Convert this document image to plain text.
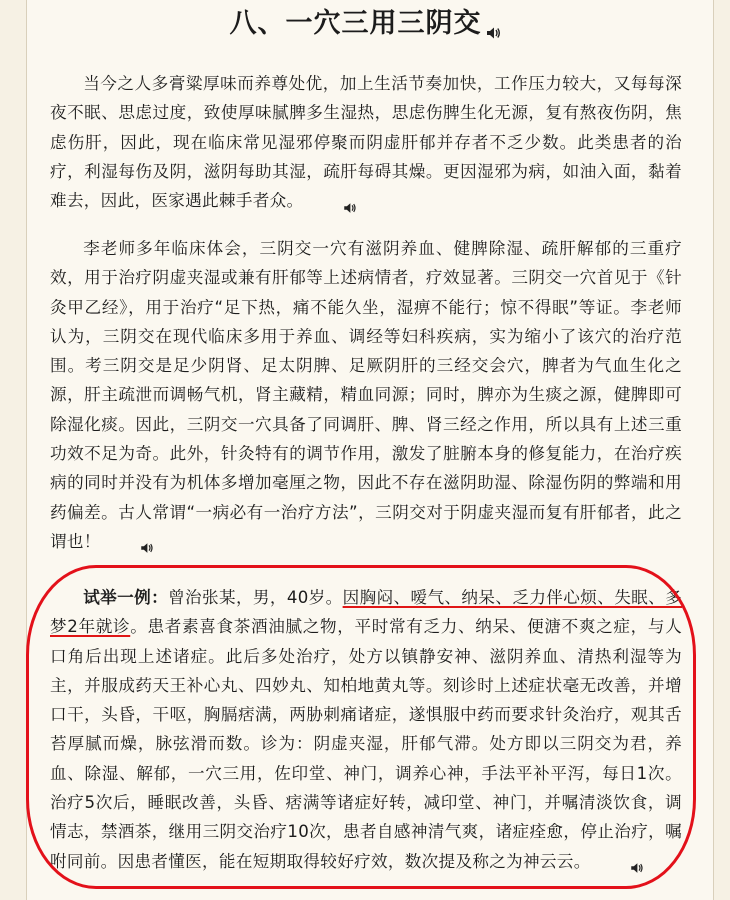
八、一穴三用三阴交

当今之人多膏粱厚味而养尊处优，加上生活节奏加快，工作压力较大，又每每深夜不眠、思虑过度，致使厚味腻脾多生湿热，思虑伤脾生化无源，复有熬夜伤阴，焦虑伤肝，因此，现在临床常见湿邪停聚而阴虚肝郁并存者不乏少数。此类患者的治疗，利湿每伤及阴，滋阴每助其湿，疏肝每碍其燥。更因湿邪为病，如油入面，黏着难去，因此，医家遇此棘手者众。

李老师多年临床体会，三阴交一穴有滋阴养血、健脾除湿、疏肝解郁的三重疗效，用于治疗阴虚夹湿或兼有肝郁等上述病情者，疗效显著。三阴交一穴首见于《针灸甲乙经》，用于治疗“足下热，痛不能久坐，湿痹不能行；惊不得眠”等证。李老师认为，三阴交在现代临床多用于养血、调经等妇科疾病，实为缩小了该穴的治疗范围。考三阴交是足少阴肾、足太阴脾、足厥阴肝的三经交会穴，脾者为气血生化之源，肝主疏泄而调畅气机，肾主藏精，精血同源；同时，脾亦为生痰之源，健脾即可除湿化痰。因此，三阴交一穴具备了同调肝、脾、肾三经之作用，所以具有上述三重功效不足为奇。此外，针灸特有的调节作用，激发了脏腑本身的修复能力，在治疗疾病的同时并没有为机体多增加毫厘之物，因此不存在滋阴助湿、除湿伤阴的弊端和用药偏差。古人常谓“一病必有一治疗方法”，三阴交对于阴虚夹湿而复有肝郁者，此之谓也！

试举一例：曾治张某，男，40岁。因胸闷、嗳气、纳呆、乏力伴心烦、失眠、多梦2年就诊。患者素喜食茶酒油腻之物，平时常有乏力、纳呆、便溏不爽之症，与人口角后出现上述诸症。此后多处治疗，处方以镇静安神、滋阴养血、清热利湿等为主，并服成药天王补心丸、四妙丸、知柏地黄丸等。刻诊时上述症状毫无改善，并增口干，头昏，干呕，胸膈痞满，两胁刺痛诸症，遂惧服中药而要求针灸治疗，观其舌苔厚腻而燥，脉弦滑而数。诊为：阴虚夹湿，肝郁气滞。处方即以三阴交为君，养血、除湿、解郁，一穴三用，佐印堂、神门，调养心神，手法平补平泻，每日1次。治疗5次后，睡眠改善，头昏、痞满等诸症好转，减印堂、神门，并嘱清淡饮食，调情志，禁酒茶，继用三阴交治疗10次，患者自感神清气爽，诸症痊愈，停止治疗，嘱咐同前。因患者懂医，能在短期取得较好疗效，数次提及称之为神云云。
